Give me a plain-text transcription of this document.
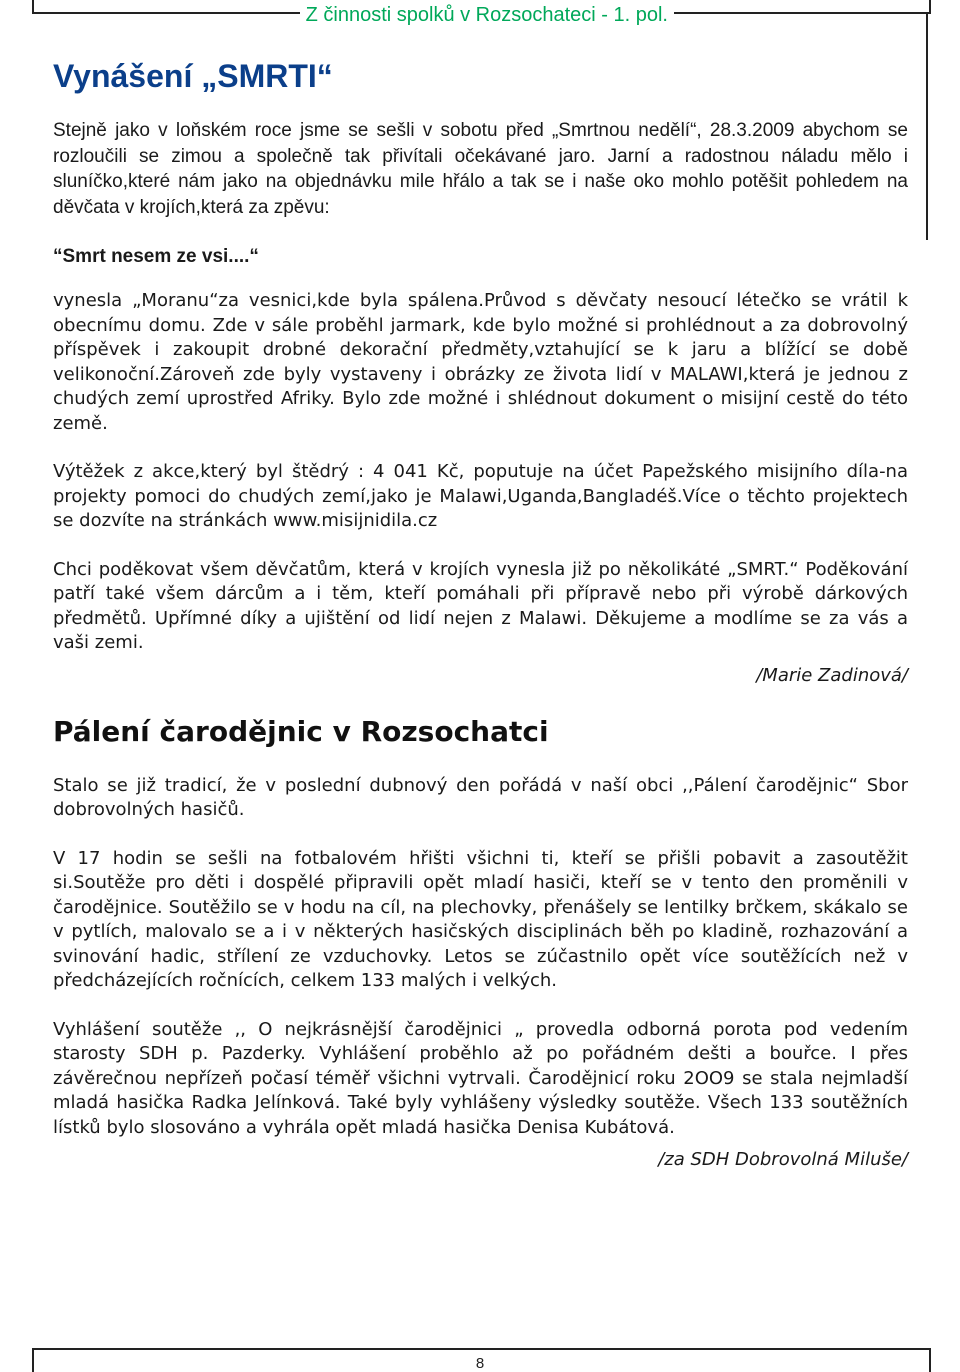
Z činnosti spolků v Rozsochateci - 1. pol.
Vynášení „SMRTI“

Stejně jako v loňském roce jsme se sešli v sobotu před „Smrtnou nedělí“, 28.3.2009 abychom se rozloučili se zimou a společně tak přivítali očekávané jaro. Jarní a radostnou náladu mělo i sluníčko,které nám jako na objednávku mile hřálo a tak se i naše oko mohlo potěšit pohledem na děvčata v krojích,která za zpěvu:

“Smrt nesem ze vsi....“

vynesla „Moranu“za vesnici,kde byla spálena.Průvod s děvčaty nesoucí létečko se vrátil k obecnímu domu. Zde v sále proběhl jarmark, kde bylo možné si prohlédnout a za dobrovolný příspěvek i zakoupit drobné dekorační předměty,vztahující se k jaru a blížící se době velikonoční.Zároveň zde byly vystaveny i obrázky ze života lidí v MALAWI,která je jednou z chudých zemí uprostřed Afriky. Bylo zde možné i shlédnout dokument o misijní cestě do této země.

Výtěžek z akce,který byl štědrý : 4 041 Kč, poputuje na účet Papežského misijního díla-na projekty pomoci do chudých zemí,jako je Malawi,Uganda,Bangladéš.Více o těchto projektech se dozvíte na stránkách www.misijnidila.cz

Chci poděkovat všem děvčatům, která v krojích vynesla již po několikáté „SMRT.“ Poděkování patří také všem dárcům a i těm, kteří pomáhali při přípravě nebo při výrobě dárkových předmětů. Upřímné díky a ujištění od lidí nejen z Malawi. Děkujeme a modlíme se za vás a vaši zemi.

/Marie Zadinová/

Pálení čarodějnic v Rozsochatci

Stalo se již tradicí, že v poslední dubnový den pořádá v naší obci ,,Pálení čarodějnic“ Sbor dobrovolných hasičů.

V 17 hodin se sešli na fotbalovém hřišti všichni ti, kteří se přišli pobavit a zasoutěžit si.Soutěže pro děti i dospělé připravili opět mladí hasiči, kteří se v tento den proměnili v čarodějnice. Soutěžilo se v hodu na cíl, na plechovky, přenášely se lentilky brčkem, skákalo se v pytlích, malovalo se a i v některých hasičských disciplinách běh po kladině, rozhazování a svinování hadic, střílení ze vzduchovky. Letos se zúčastnilo opět více soutěžících než v předcházejících ročnících, celkem 133 malých i velkých.

Vyhlášení soutěže ,, O nejkrásnější čarodějnici „ provedla odborná porota pod vedením starosty SDH p. Pazderky. Vyhlášení proběhlo až po pořádném dešti a bouřce. I přes závěrečnou nepřízeň počasí téměř všichni vytrvali. Čarodějnicí roku 2OO9 se stala nejmladší mladá hasička Radka Jelínková. Také byly vyhlášeny výsledky soutěže. Všech 133 soutěžních lístků bylo slosováno a vyhrála opět mladá hasička Denisa Kubátová.

/za SDH Dobrovolná Miluše/

8
